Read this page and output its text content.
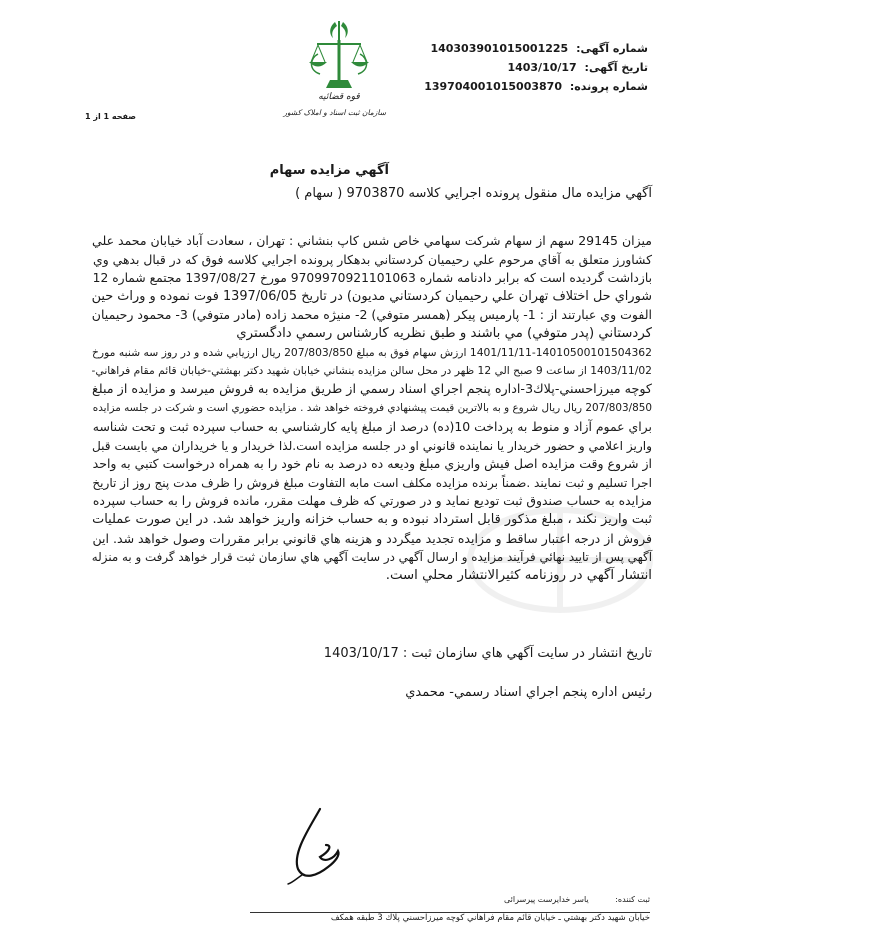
شماره آگهی: 140303901015001225
تاریخ آگهی: 1403/10/17
شماره پرونده: 139704001015003870
قوه قضائیه
سازمان ثبت اسناد و املاک کشور
صفحه 1 از 1
آگهي مزايده سهام
آگهي مزايده مال منقول پرونده اجرايي كلاسه 9703870 ( سهام )

ميزان 29145 سهم از سهام شركت سهامي خاص شس كاپ بنشاني : تهران ، سعادت آباد خيابان محمد علي

كشاورز متعلق به آقاي مرحوم علي رحيميان كردستاني بدهكار پرونده اجرايي كلاسه فوق كه در قبال بدهي وي

بازداشت گرديده است كه برابر دادنامه شماره 9709970921101063 مورخ 1397/08/27 مجتمع شماره 12

شوراي حل اختلاف تهران علي رحيميان كردستاني مديون) در تاريخ 1397/06/05 فوت نموده و وراث حين

الفوت وي عبارتند از : 1- پارميس پيكر (همسر متوفي) 2- منيژه محمد زاده (مادر متوفي) 3- محمود رحيميان

كردستاني (پدر متوفي) مي باشند و طبق نظريه كارشناس رسمي دادگستري

1401/11/11-14010500101504362 ارزش سهام فوق به مبلغ 207/803/850 ريال ارزيابي شده و در روز سه شنبه مورخ

1403/11/02 از ساعت 9 صبح الي 12 ظهر در محل سالن مزايده بنشاني خيابان شهيد دكتر بهشتي-خيابان قائم مقام فراهاني-

كوچه ميرزاحسني-پلاك3-اداره پنجم اجراي اسناد رسمي از طريق مزايده به فروش ميرسد و مزايده از مبلغ

207/803/850 ريال ريال شروع و به بالاترين قيمت پيشنهادي فروخته خواهد شد . مزايده حضوري است و شركت در جلسه مزايده

براي عموم آزاد و منوط به پرداخت 10(ده) درصد از مبلغ پايه كارشناسي به حساب سپرده ثبت و تحت شناسه

واريز اعلامي و حضور خريدار يا نماينده قانوني او در جلسه مزايده است.لذا خريدار و يا خريداران مي بايست قبل

از شروع وقت مزايده اصل فيش واريزي مبلغ وديعه ده درصد به نام خود را به همراه درخواست كتبي به واحد

اجرا تسليم و ثبت نمايند .ضمناً برنده مزايده مكلف است مابه التفاوت مبلغ فروش را ظرف مدت پنج روز از تاريخ

مزايده به حساب صندوق ثبت توديع نمايد و در صورتي كه ظرف مهلت مقرر، مانده فروش را به حساب سپرده

ثبت واريز نكند ، مبلغ مذكور قابل استرداد نبوده و به حساب خزانه واريز خواهد شد. در اين صورت عمليات

فروش از درجه اعتبار ساقط و مزايده تجديد ميگردد و هزينه هاي قانوني برابر مقررات وصول خواهد شد. اين

آگهي پس از تاييد نهائي فرآيند مزايده و ارسال آگهي در سايت آگهي هاي سازمان ثبت قرار خواهد گرفت و به منزله

انتشار آگهي در روزنامه كثيرالانتشار محلي است.

تاريخ انتشار در سايت آگهي هاي سازمان ثبت : 1403/10/17
رئيس اداره پنجم اجراي اسناد رسمي- محمدي
ثبت کننده: یاسر خدایرست پیرسرائی
خيابان شهيد دكتر بهشتي ـ خيابان قائم مقام فراهاني كوچه ميرزاحسني پلاك 3 طبقه همكف
